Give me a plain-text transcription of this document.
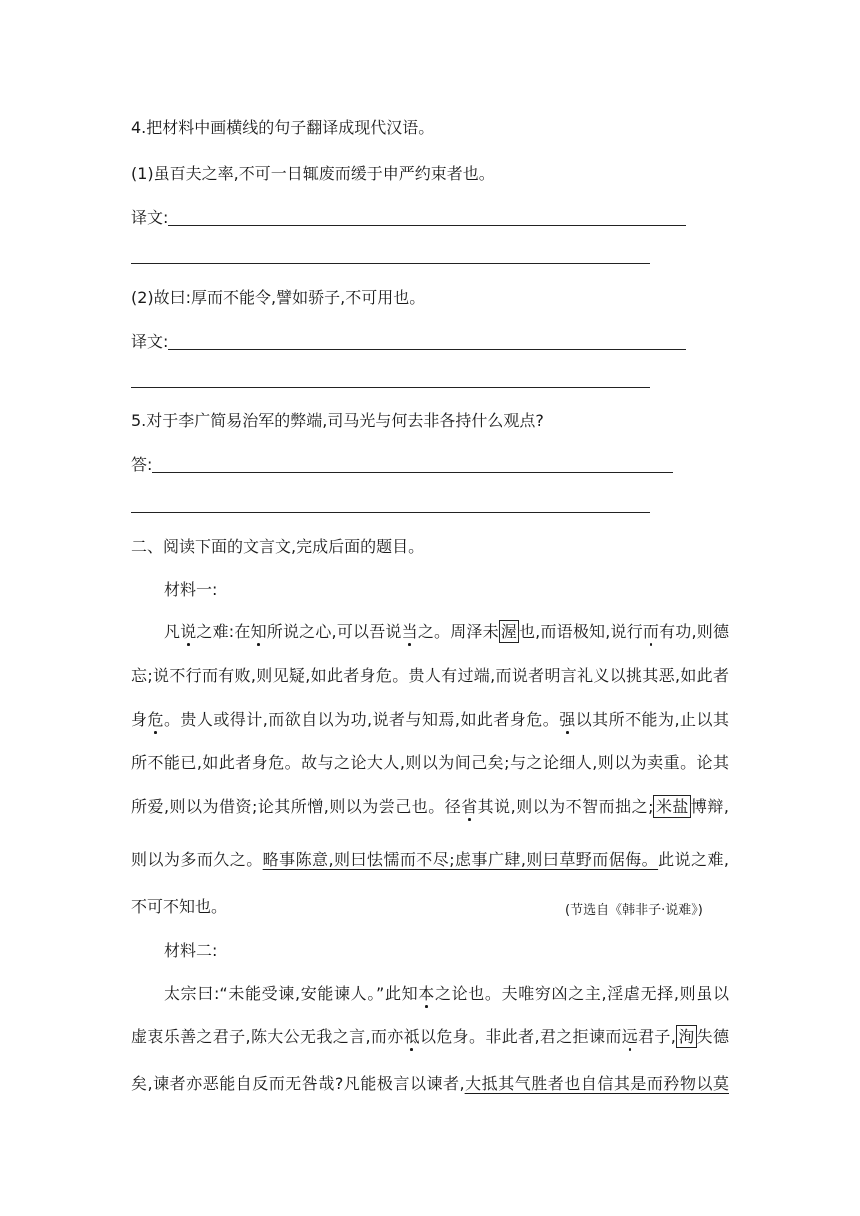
4.把材料中画横线的句子翻译成现代汉语。
(1)虽百夫之率,不可一日辄废而缓于申严约束者也。
译文:
(2)故曰:厚而不能令,譬如骄子,不可用也。
译文:
5.对于李广简易治军的弊端,司马光与何去非各持什么观点?
答:
二、阅读下面的文言文,完成后面的题目。
材料一:
凡说之难:在知所说之心,可以吾说当之。周泽未 渥 也,而语极知,说行而有功,则德
忘;说不行而有败,则见疑,如此者身危。贵人有过端,而说者明言礼义以挑其恶,如此者
身危。贵人或得计,而欲自以为功,说者与知焉,如此者身危。强以其所不能为,止以其
所不能已,如此者身危。故与之论大人,则以为间己矣;与之论细人,则以为卖重。论其
所爱,则以为借资;论其所憎,则以为尝己也。径省其说,则以为不智而拙之; 米盐 博辩,
则以为多而久之。略事陈意,则曰怯懦而不尽;虑事广肆,则曰草野而倨侮。此说之难,
不可不知也。	(节选自《韩非子·说难》)
材料二:
太宗曰:“未能受谏,安能谏人。”此知本之论也。夫唯穷凶之主,淫虐无择,则虽以
虚衷乐善之君子,陈大公无我之言,而亦祗以危身。非此者,君之拒谏而远君子, 洵 失德
矣,谏者亦恶能自反而无咎哉?凡能极言以谏者,大抵其气胜者也自信其是而矜物以莫
